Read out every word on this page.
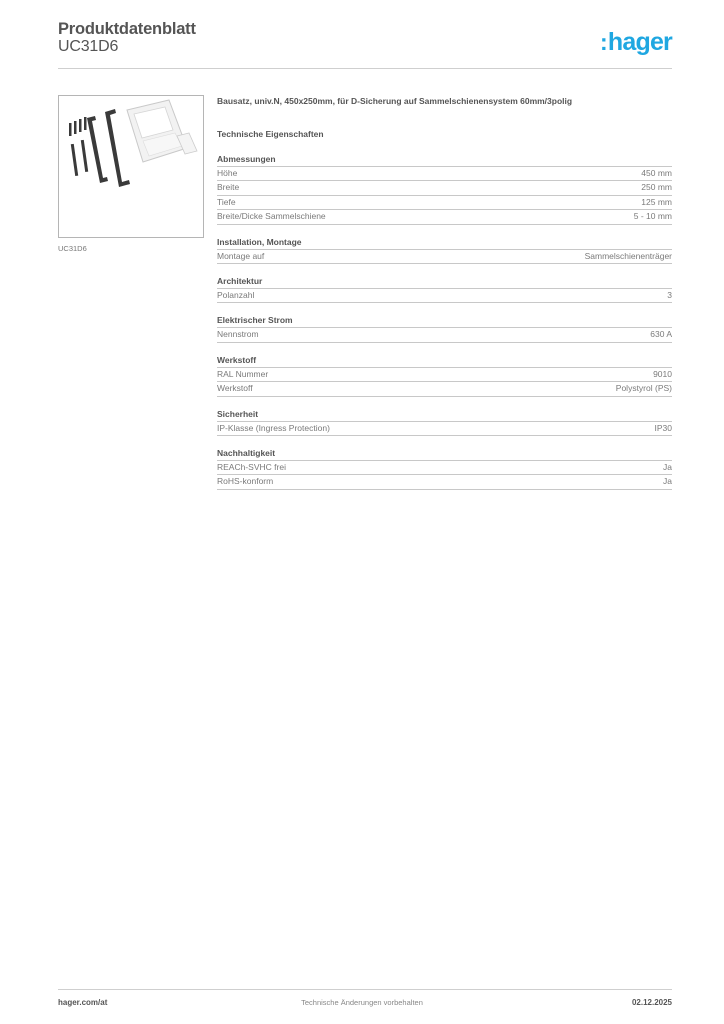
Produktdatenblatt
UC31D6	:hager
UC31D6
Bausatz, univ.N, 450x250mm, für D-Sicherung auf Sammelschienensystem 60mm/3polig
Technische Eigenschaften
Abmessungen
Höhe	450 mm
Breite	250 mm
Tiefe	125 mm
Breite/Dicke Sammelschiene	5 - 10 mm
Installation, Montage
Montage auf	Sammelschienenträger
Architektur
Polanzahl	3
Elektrischer Strom
Nennstrom	630 A
Werkstoff
RAL Nummer	9010
Werkstoff	Polystyrol (PS)
Sicherheit
IP-Klasse (Ingress Protection)	IP30
Nachhaltigkeit
REACh-SVHC frei	Ja
RoHS-konform	Ja
hager.com/at	Technische Änderungen vorbehalten	02.12.2025
